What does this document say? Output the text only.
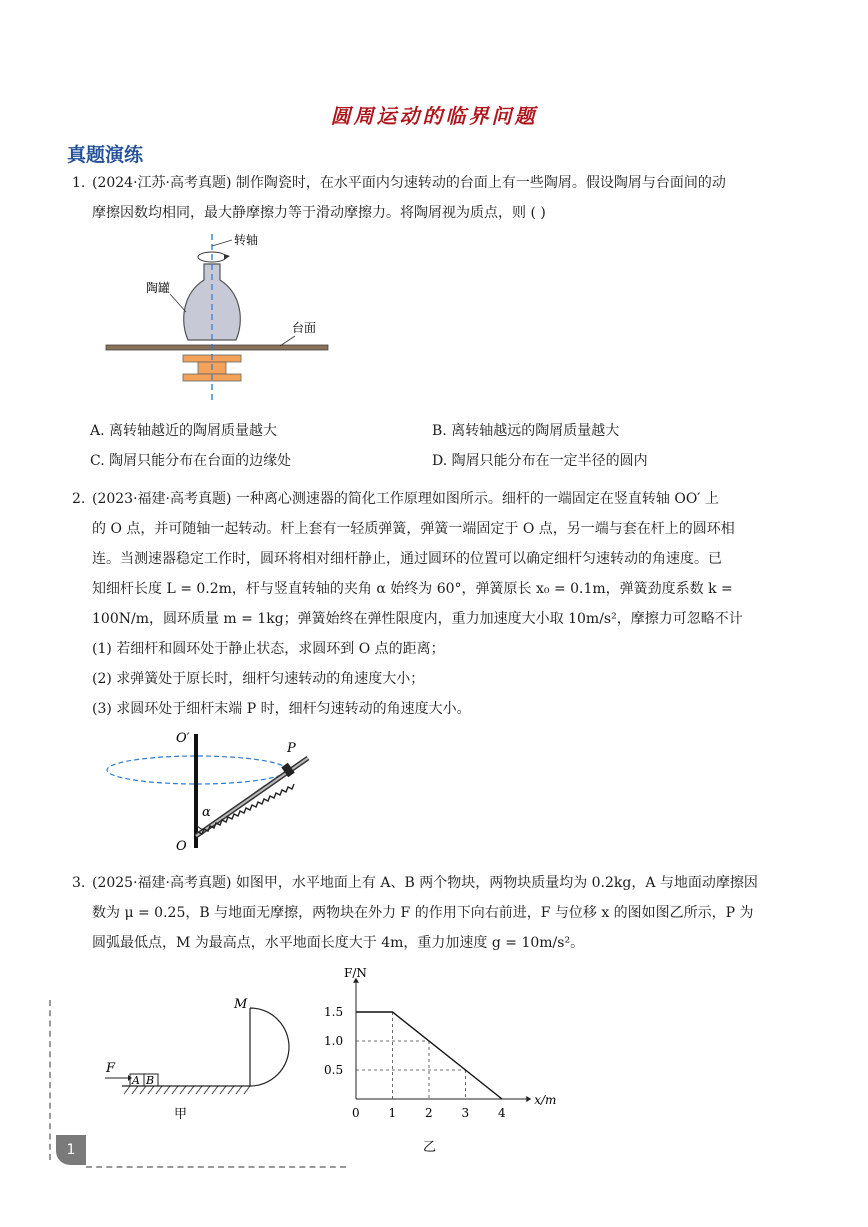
圆周运动的临界问题
真题演练
1. (2024·江苏·高考真题) 制作陶瓷时，在水平面内匀速转动的台面上有一些陶屑。假设陶屑与台面间的动
摩擦因数均相同，最大静摩擦力等于滑动摩擦力。将陶屑视为质点，则 ( )
转轴
陶罐
台面
A. 离转轴越近的陶屑质量越大	B. 离转轴越远的陶屑质量越大
C. 陶屑只能分布在台面的边缘处	D. 陶屑只能分布在一定半径的圆内
2. (2023·福建·高考真题) 一种离心测速器的简化工作原理如图所示。细杆的一端固定在竖直转轴 OO′ 上
的 O 点，并可随轴一起转动。杆上套有一轻质弹簧，弹簧一端固定于 O 点，另一端与套在杆上的圆环相
连。当测速器稳定工作时，圆环将相对细杆静止，通过圆环的位置可以确定细杆匀速转动的角速度。已
知细杆长度 L = 0.2m，杆与竖直转轴的夹角 α 始终为 60°，弹簧原长 x₀ = 0.1m，弹簧劲度系数 k =
100N/m，圆环质量 m = 1kg；弹簧始终在弹性限度内，重力加速度大小取 10m/s²，摩擦力可忽略不计
(1) 若细杆和圆环处于静止状态，求圆环到 O 点的距离；
(2) 求弹簧处于原长时，细杆匀速转动的角速度大小；
(3) 求圆环处于细杆末端 P 时，细杆匀速转动的角速度大小。
O′
O
P
α
3. (2025·福建·高考真题) 如图甲，水平地面上有 A、B 两个物块，两物块质量均为 0.2kg，A 与地面动摩擦因
数为 μ = 0.25，B 与地面无摩擦，两物块在外力 F 的作用下向右前进，F 与位移 x 的图如图乙所示，P 为
圆弧最低点，M 为最高点，水平地面长度大于 4m，重力加速度 g = 10m/s²。
A B
F
M
甲
F/N
x/m
0 1 2 3 4
0.5
1.0
1.5
乙
1
